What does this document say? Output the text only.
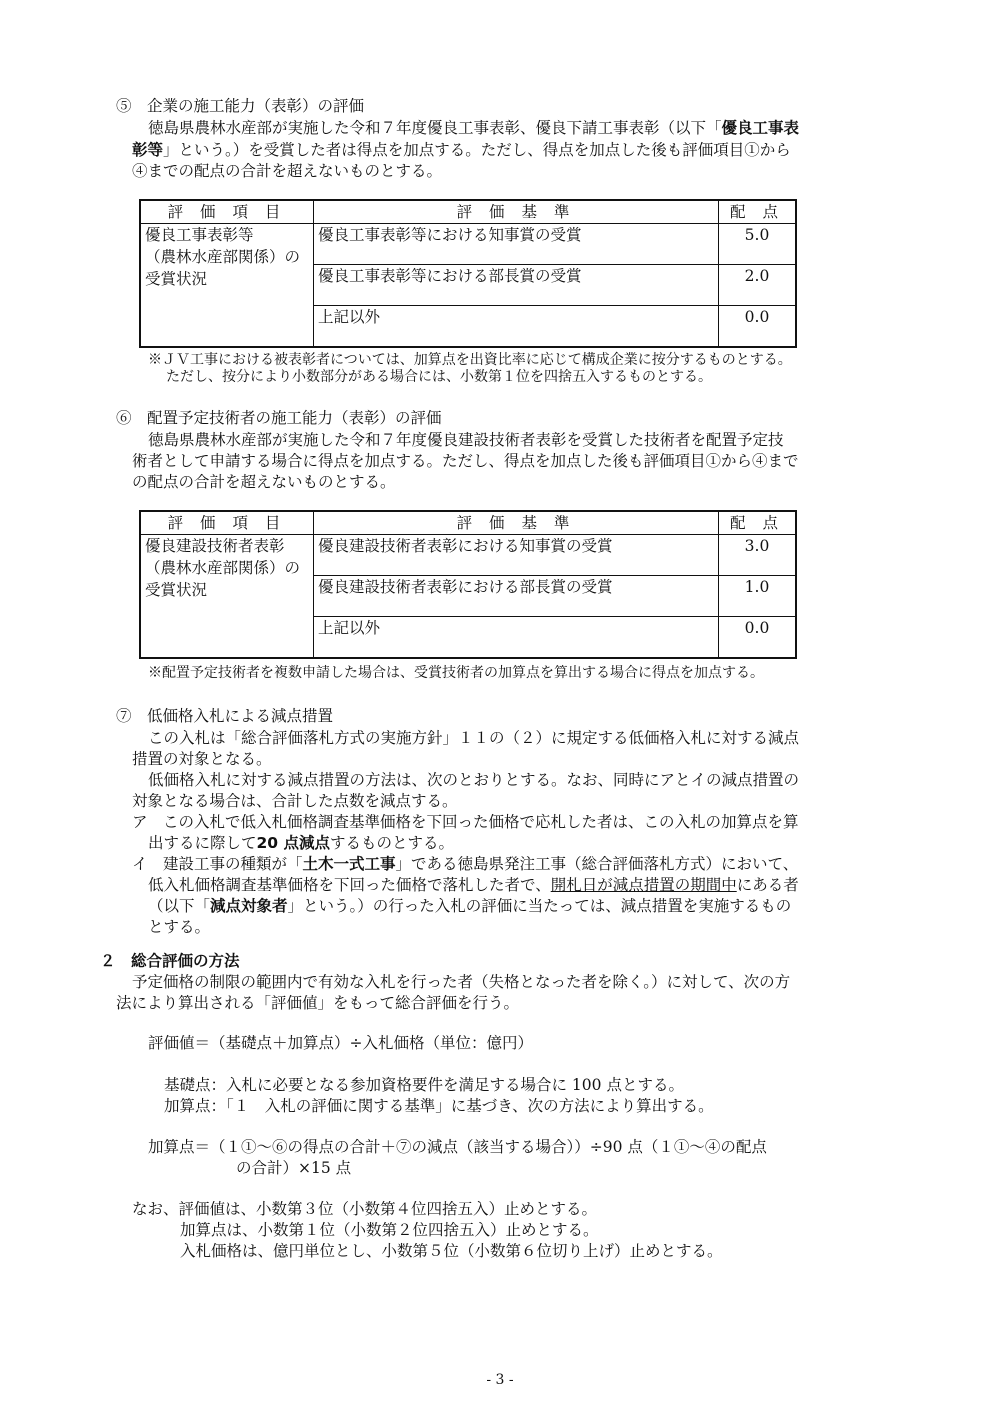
⑤　企業の施工能力（表彰）の評価
徳島県農林水産部が実施した令和７年度優良工事表彰、優良下請工事表彰（以下「優良工事表
彰等」という。）を受賞した者は得点を加点する。ただし、得点を加点した後も評価項目①から
④までの配点の合計を超えないものとする。
評 価 項 目	評 価 基 準	配 点
優良工事表彰等
（農林水産部関係）の
受賞状況	優良工事表彰等における知事賞の受賞	5.0
	優良工事表彰等における部長賞の受賞	2.0
	上記以外	0.0
※ＪＶ工事における被表彰者については、加算点を出資比率に応じて構成企業に按分するものとする。
ただし、按分により小数部分がある場合には、小数第１位を四捨五入するものとする。
⑥　配置予定技術者の施工能力（表彰）の評価
徳島県農林水産部が実施した令和７年度優良建設技術者表彰を受賞した技術者を配置予定技
術者として申請する場合に得点を加点する。ただし、得点を加点した後も評価項目①から④まで
の配点の合計を超えないものとする。
評 価 項 目	評 価 基 準	配 点
優良建設技術者表彰
（農林水産部関係）の
受賞状況	優良建設技術者表彰における知事賞の受賞	3.0
	優良建設技術者表彰における部長賞の受賞	1.0
	上記以外	0.0
※配置予定技術者を複数申請した場合は、受賞技術者の加算点を算出する場合に得点を加点する。
⑦　低価格入札による減点措置
この入札は「総合評価落札方式の実施方針」１１の（２）に規定する低価格入札に対する減点
措置の対象となる。
低価格入札に対する減点措置の方法は、次のとおりとする。なお、同時にアとイの減点措置の
対象となる場合は、合計した点数を減点する。
ア　この入札で低入札価格調査基準価格を下回った価格で応札した者は、この入札の加算点を算
出するに際して20 点減点するものとする。
イ　建設工事の種類が「土木一式工事」である徳島県発注工事（総合評価落札方式）において、
低入札価格調査基準価格を下回った価格で落札した者で、開札日が減点措置の期間中にある者
（以下「減点対象者」という。）の行った入札の評価に当たっては、減点措置を実施するもの
とする。
２　総合評価の方法
予定価格の制限の範囲内で有効な入札を行った者（失格となった者を除く。）に対して、次の方
法により算出される「評価値」をもって総合評価を行う。
評価値＝（基礎点＋加算点）÷入札価格（単位：億円）
基礎点：入札に必要となる参加資格要件を満足する場合に 100 点とする。
加算点：「１　入札の評価に関する基準」に基づき、次の方法により算出する。
加算点＝（１①～⑥の得点の合計＋⑦の減点（該当する場合））÷90 点（１①～④の配点
の合計）×15 点
なお、評価値は、小数第３位（小数第４位四捨五入）止めとする。
加算点は、小数第１位（小数第２位四捨五入）止めとする。
入札価格は、億円単位とし、小数第５位（小数第６位切り上げ）止めとする。
- 3 -
